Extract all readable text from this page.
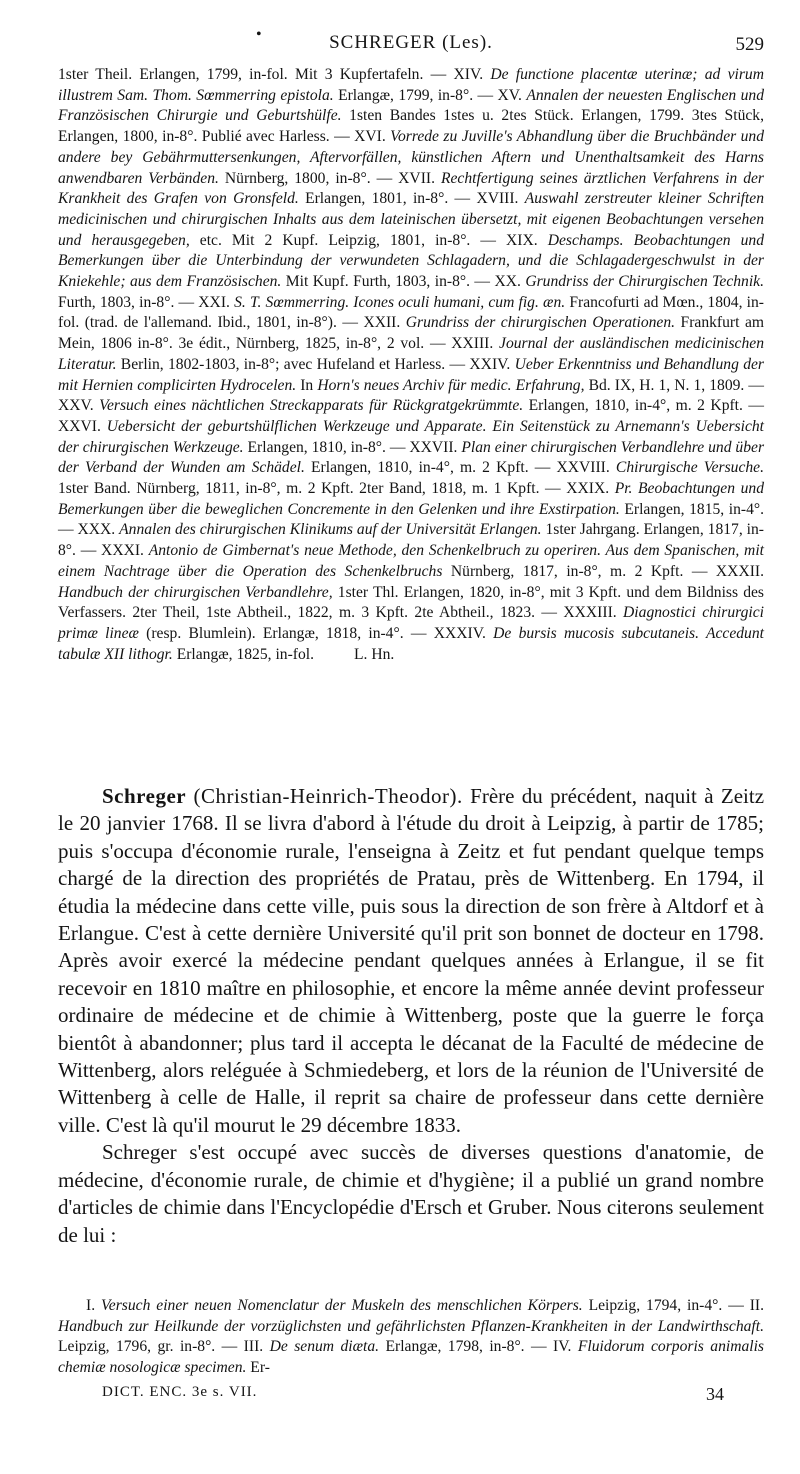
•	SCHREGER (Les).	529
1ster Theil. Erlangen, 1799, in-fol. Mit 3 Kupfertafeln. — XIV. De functione placentæ uterinæ; ad virum illustrem Sam. Thom. Sœmmerring epistola. Erlangæ, 1799, in-8°. — XV. Annalen der neuesten Englischen und Französischen Chirurgie und Geburtshülfe. 1sten Bandes 1stes u. 2tes Stück. Erlangen, 1799. 3tes Stück, Erlangen, 1800, in-8°. Publié avec Harless. — XVI. Vorrede zu Juville's Abhandlung über die Bruchbänder und andere bey Gebährmuttersenkungen, Aftervorfällen, künstlichen Aftern und Unenthaltsamkeit des Harns anwendbaren Verbänden. Nürnberg, 1800, in-8°. — XVII. Rechtfertigung seines ärztlichen Verfahrens in der Krankheit des Grafen von Gronsfeld. Erlangen, 1801, in-8°. — XVIII. Auswahl zerstreuter kleiner Schriften medicinischen und chirurgischen Inhalts aus dem lateinischen übersetzt, mit eigenen Beobachtungen versehen und herausgegeben, etc. Mit 2 Kupf. Leipzig, 1801, in-8°. — XIX. Deschamps. Beobachtungen und Bemerkungen über die Unterbindung der verwundeten Schlagadern, und die Schlagadergeschwulst in der Kniekehle; aus dem Französischen. Mit Kupf. Furth, 1803, in-8°. — XX. Grundriss der Chirurgischen Technik. Furth, 1803, in-8°. — XXI. S. T. Sœmmerring. Icones oculi humani, cum fig. æn. Francofurti ad Mœn., 1804, in-fol. (trad. de l'allemand. Ibid., 1801, in-8°). — XXII. Grundriss der chirurgischen Operationen. Frankfurt am Mein, 1806 in-8°. 3e édit., Nürnberg, 1825, in-8°, 2 vol. — XXIII. Journal der ausländischen medicinischen Literatur. Berlin, 1802-1803, in-8°; avec Hufeland et Harless. — XXIV. Ueber Erkenntniss und Behandlung der mit Hernien complicirten Hydrocelen. In Horn's neues Archiv für medic. Erfahrung, Bd. IX, H. 1, N. 1, 1809. — XXV. Versuch eines nächtlichen Streckapparats für Rückgratgekrümmte. Erlangen, 1810, in-4°, m. 2 Kpft. — XXVI. Uebersicht der geburtshülflichen Werkzeuge und Apparate. Ein Seitenstück zu Arnemann's Uebersicht der chirurgischen Werkzeuge. Erlangen, 1810, in-8°. — XXVII. Plan einer chirurgischen Verbandlehre und über der Verband der Wunden am Schädel. Erlangen, 1810, in-4°, m. 2 Kpft. — XXVIII. Chirurgische Versuche. 1ster Band. Nürnberg, 1811, in-8°, m. 2 Kpft. 2ter Band, 1818, m. 1 Kpft. — XXIX. Pr. Beobachtungen und Bemerkungen über die beweglichen Concremente in den Gelenken und ihre Exstirpation. Erlangen, 1815, in-4°. — XXX. Annalen des chirurgischen Klinikums auf der Universität Erlangen. 1ster Jahrgang. Erlangen, 1817, in-8°. — XXXI. Antonio de Gimbernat's neue Methode, den Schenkelbruch zu operiren. Aus dem Spanischen, mit einem Nachtrage über die Operation des Schenkelbruchs Nürnberg, 1817, in-8°, m. 2 Kpft. — XXXII. Handbuch der chirurgischen Verbandlehre, 1ster Thl. Erlangen, 1820, in-8°, mit 3 Kpft. und dem Bildniss des Verfassers. 2ter Theil, 1ste Abtheil., 1822, m. 3 Kpft. 2te Abtheil., 1823. — XXXIII. Diagnostici chirurgici primæ lineæ (resp. Blumlein). Erlangæ, 1818, in-4°. — XXXIV. De bursis mucosis subcutaneis. Accedunt tabulæ XII lithogr. Erlangæ, 1825, in-fol.	L. Hn.

Schreger (Christian-Heinrich-Theodor). Frère du précédent, naquit à Zeitz le 20 janvier 1768. Il se livra d'abord à l'étude du droit à Leipzig, à partir de 1785; puis s'occupa d'économie rurale, l'enseigna à Zeitz et fut pendant quelque temps chargé de la direction des propriétés de Pratau, près de Wittenberg. En 1794, il étudia la médecine dans cette ville, puis sous la direction de son frère à Altdorf et à Erlangue. C'est à cette dernière Université qu'il prit son bonnet de docteur en 1798. Après avoir exercé la médecine pendant quelques années à Erlangue, il se fit recevoir en 1810 maître en philosophie, et encore la même année devint professeur ordinaire de médecine et de chimie à Wittenberg, poste que la guerre le força bientôt à abandonner; plus tard il accepta le décanat de la Faculté de médecine de Wittenberg, alors reléguée à Schmiedeberg, et lors de la réunion de l'Université de Wittenberg à celle de Halle, il reprit sa chaire de professeur dans cette dernière ville. C'est là qu'il mourut le 29 décembre 1833.

Schreger s'est occupé avec succès de diverses questions d'anatomie, de médecine, d'économie rurale, de chimie et d'hygiène; il a publié un grand nombre d'articles de chimie dans l'Encyclopédie d'Ersch et Gruber. Nous citerons seulement de lui :

I. Versuch einer neuen Nomenclatur der Muskeln des menschlichen Körpers. Leipzig, 1794, in-4°. — II. Handbuch zur Heilkunde der vorzüglichsten und gefährlichsten Pflanzen-Krankheiten in der Landwirthschaft. Leipzig, 1796, gr. in-8°. — III. De senum diæta. Erlangæ, 1798, in-8°. — IV. Fluidorum corporis animalis chemiæ nosologicæ specimen. Er-
DICT. ENC. 3e s. VII.	34
